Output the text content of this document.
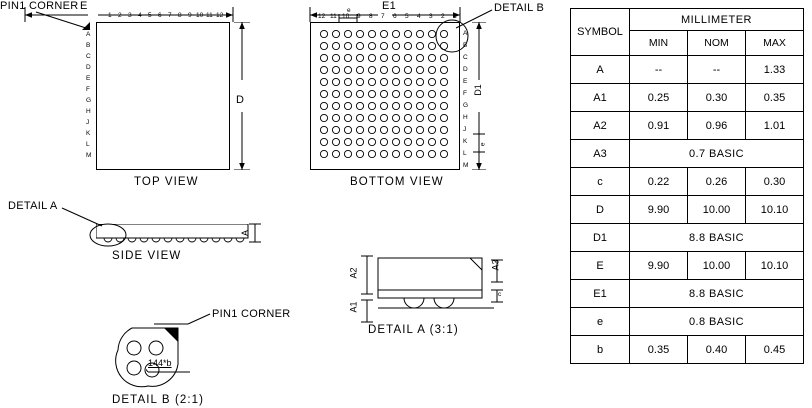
PIN1 CORNER E
1 2 3 4 5 6 7 8 9 10 11 12
A
B
C
D
E
F
G
H
J
K
L
M
D
TOP VIEW
E1
e	DETAIL B
12 11 10 9 8 7 6 5 4 3 2 1
A
B
C
D
E
F
G
H
J
K
L
M
D1
e
BOTTOM VIEW
DETAIL A
A
SIDE VIEW
A2
A1
A3
c
DETAIL A (3:1)
PIN1 CORNER
144*b
DETAIL B (2:1)
SYMBOL	MILLIMETER		
	MIN	NOM	MAX
A	--	--	1.33
A1	0.25	0.30	0.35
A2	0.91	0.96	1.01
A3	0.7 BASIC		
c	0.22	0.26	0.30
D	9.90	10.00	10.10
D1	8.8 BASIC		
E	9.90	10.00	10.10
E1	8.8 BASIC		
e	0.8 BASIC		
b	0.35	0.40	0.45
